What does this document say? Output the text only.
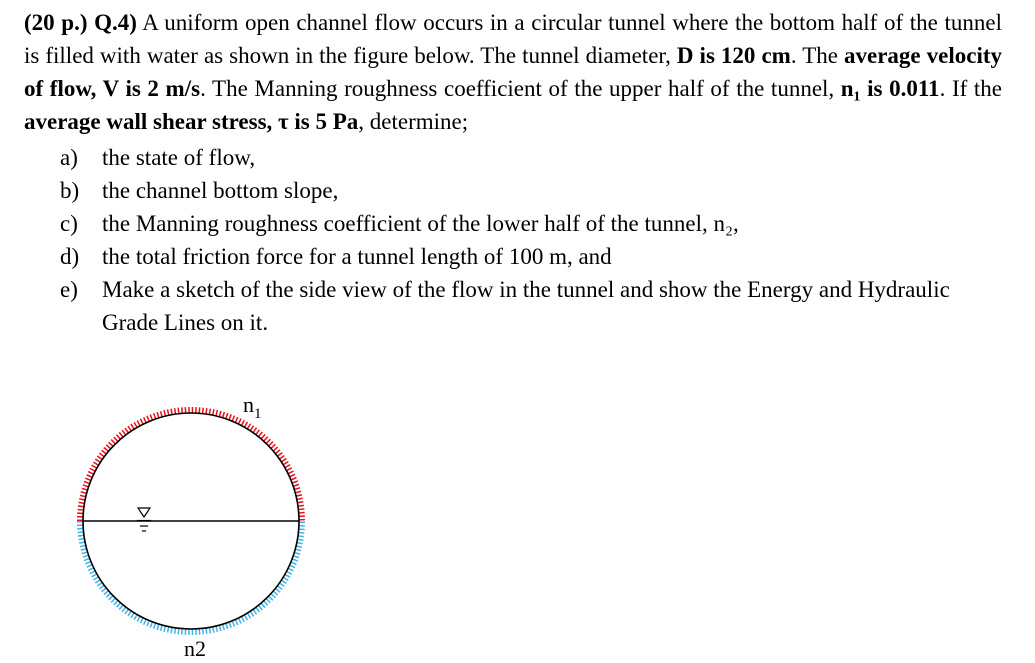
(20 p.) Q.4) A uniform open channel flow occurs in a circular tunnel where the bottom half of the tunnel is filled with water as shown in the figure below. The tunnel diameter, D is 120 cm. The average velocity of flow, V is 2 m/s. The Manning roughness coefficient of the upper half of the tunnel, n₁ is 0.011. If the average wall shear stress, τ is 5 Pa, determine;
a) the state of flow,
b) the channel bottom slope,
c) the Manning roughness coefficient of the lower half of the tunnel, n₂,
d) the total friction force for a tunnel length of 100 m, and
e) Make a sketch of the side view of the flow in the tunnel and show the Energy and Hydraulic Grade Lines on it.
$n_1$
n2
